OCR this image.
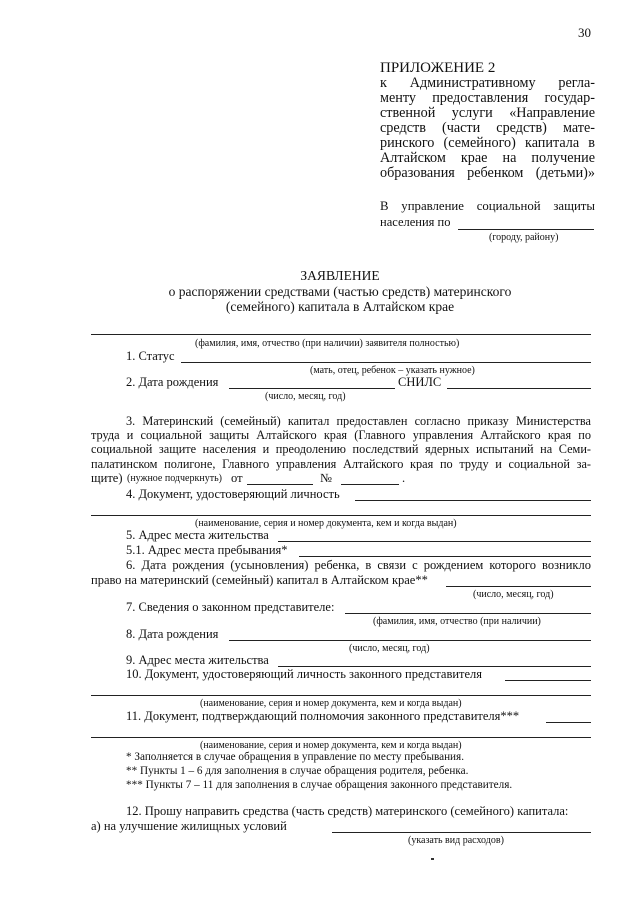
30
ПРИЛОЖЕНИЕ 2
к Административному регла-
менту предоставления государ-
ственной услуги «Направление
средств (части средств) мате-
ринского (семейного) капитала в
Алтайском крае на получение
образования ребенком (детьми)»
В управление социальной защиты
населения по
(городу, району)
ЗАЯВЛЕНИЕ
о распоряжении средствами (частью средств) материнского
(семейного) капитала в Алтайском крае
(фамилия, имя, отчество (при наличии) заявителя полностью)
1. Статус
(мать, отец, ребенок – указать нужное)
2. Дата рождения	СНИЛС
(число, месяц, год)
3. Материнский (семейный) капитал предоставлен согласно приказу Министерства
труда и социальной защиты Алтайского края (Главного управления Алтайского края по
социальной защите населения и преодолению последствий ядерных испытаний на Семи-
палатинском полигоне, Главного управления Алтайского края по труду и социальной за-
щите) (нужное подчеркнуть) от	№	.
4. Документ, удостоверяющий личность
(наименование, серия и номер документа, кем и когда выдан)
5. Адрес места жительства
5.1. Адрес места пребывания*
6. Дата рождения (усыновления) ребенка, в связи с рождением которого возникло
право на материнский (семейный) капитал в Алтайском крае**
(число, месяц, год)
7. Сведения о законном представителе:
(фамилия, имя, отчество (при наличии)
8. Дата рождения
(число, месяц, год)
9. Адрес места жительства
10. Документ, удостоверяющий личность законного представителя
(наименование, серия и номер документа, кем и когда выдан)
11. Документ, подтверждающий полномочия законного представителя***
(наименование, серия и номер документа, кем и когда выдан)
* Заполняется в случае обращения в управление по месту пребывания.
** Пункты 1 – 6 для заполнения в случае обращения родителя, ребенка.
*** Пункты 7 – 11 для заполнения в случае обращения законного представителя.
12. Прошу направить средства (часть средств) материнского (семейного) капитала:
а) на улучшение жилищных условий
(указать вид расходов)
